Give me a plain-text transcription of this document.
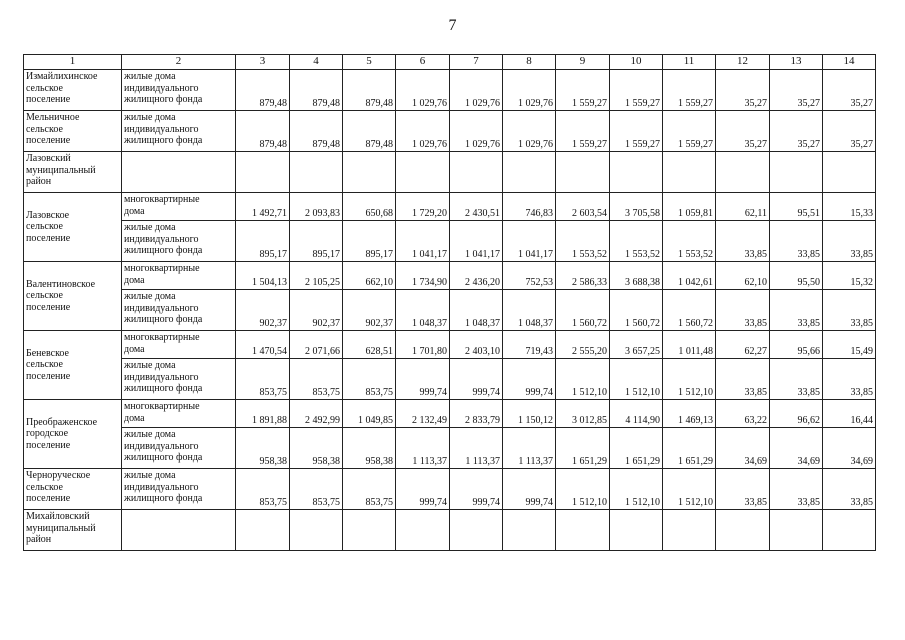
7
1	2	3	4	5	6	7	8	9	10	11	12	13	14
Измайлихинское
сельское
поселение	жилые дома
индивидуального
жилищного фонда	879,48	879,48	879,48	1 029,76	1 029,76	1 029,76	1 559,27	1 559,27	1 559,27	35,27	35,27	35,27
Мельничное
сельское
поселение	жилые дома
индивидуального
жилищного фонда	879,48	879,48	879,48	1 029,76	1 029,76	1 029,76	1 559,27	1 559,27	1 559,27	35,27	35,27	35,27
Лазовский
муниципальный
район													
Лазовское
сельское
поселение	многоквартирные
дома	1 492,71	2 093,83	650,68	1 729,20	2 430,51	746,83	2 603,54	3 705,58	1 059,81	62,11	95,51	15,33
	жилые дома
индивидуального
жилищного фонда	895,17	895,17	895,17	1 041,17	1 041,17	1 041,17	1 553,52	1 553,52	1 553,52	33,85	33,85	33,85
Валентиновское
сельское
поселение	многоквартирные
дома	1 504,13	2 105,25	662,10	1 734,90	2 436,20	752,53	2 586,33	3 688,38	1 042,61	62,10	95,50	15,32
	жилые дома
индивидуального
жилищного фонда	902,37	902,37	902,37	1 048,37	1 048,37	1 048,37	1 560,72	1 560,72	1 560,72	33,85	33,85	33,85
Беневское
сельское
поселение	многоквартирные
дома	1 470,54	2 071,66	628,51	1 701,80	2 403,10	719,43	2 555,20	3 657,25	1 011,48	62,27	95,66	15,49
	жилые дома
индивидуального
жилищного фонда	853,75	853,75	853,75	999,74	999,74	999,74	1 512,10	1 512,10	1 512,10	33,85	33,85	33,85
Преображенское
городское
поселение	многоквартирные
дома	1 891,88	2 492,99	1 049,85	2 132,49	2 833,79	1 150,12	3 012,85	4 114,90	1 469,13	63,22	96,62	16,44
	жилые дома
индивидуального
жилищного фонда	958,38	958,38	958,38	1 113,37	1 113,37	1 113,37	1 651,29	1 651,29	1 651,29	34,69	34,69	34,69
Черноруческое
сельское
поселение	жилые дома
индивидуального
жилищного фонда	853,75	853,75	853,75	999,74	999,74	999,74	1 512,10	1 512,10	1 512,10	33,85	33,85	33,85
Михайловский
муниципальный
район													
